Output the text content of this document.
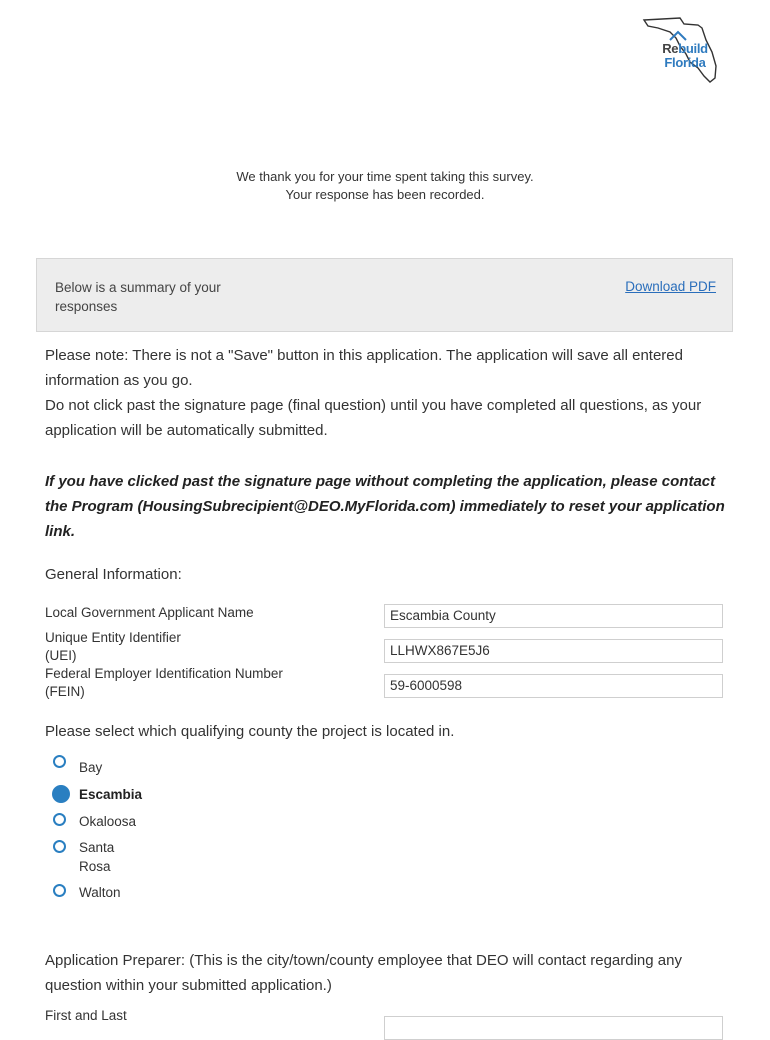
Rebuild
Florida
We thank you for your time spent taking this survey.
Your response has been recorded.
Below is a summary of your responses
Download PDF
Please note: There is not a "Save" button in this application. The application will save all entered information as you go.
Do not click past the signature page (final question) until you have completed all questions, as your application will be automatically submitted.
If you have clicked past the signature page without completing the application, please contact the Program (HousingSubrecipient@DEO.MyFlorida.com) immediately to reset your application link.
General Information:
Local Government Applicant Name	Escambia County
Unique Entity Identifier (UEI)	LLHWX867E5J6
Federal Employer Identification Number (FEIN)	59-6000598
Please select which qualifying county the project is located in.
Bay
Escambia
Okaloosa
Santa Rosa
Walton
Application Preparer: (This is the city/town/county employee that DEO will contact regarding any question within your submitted application.)
First and Last
